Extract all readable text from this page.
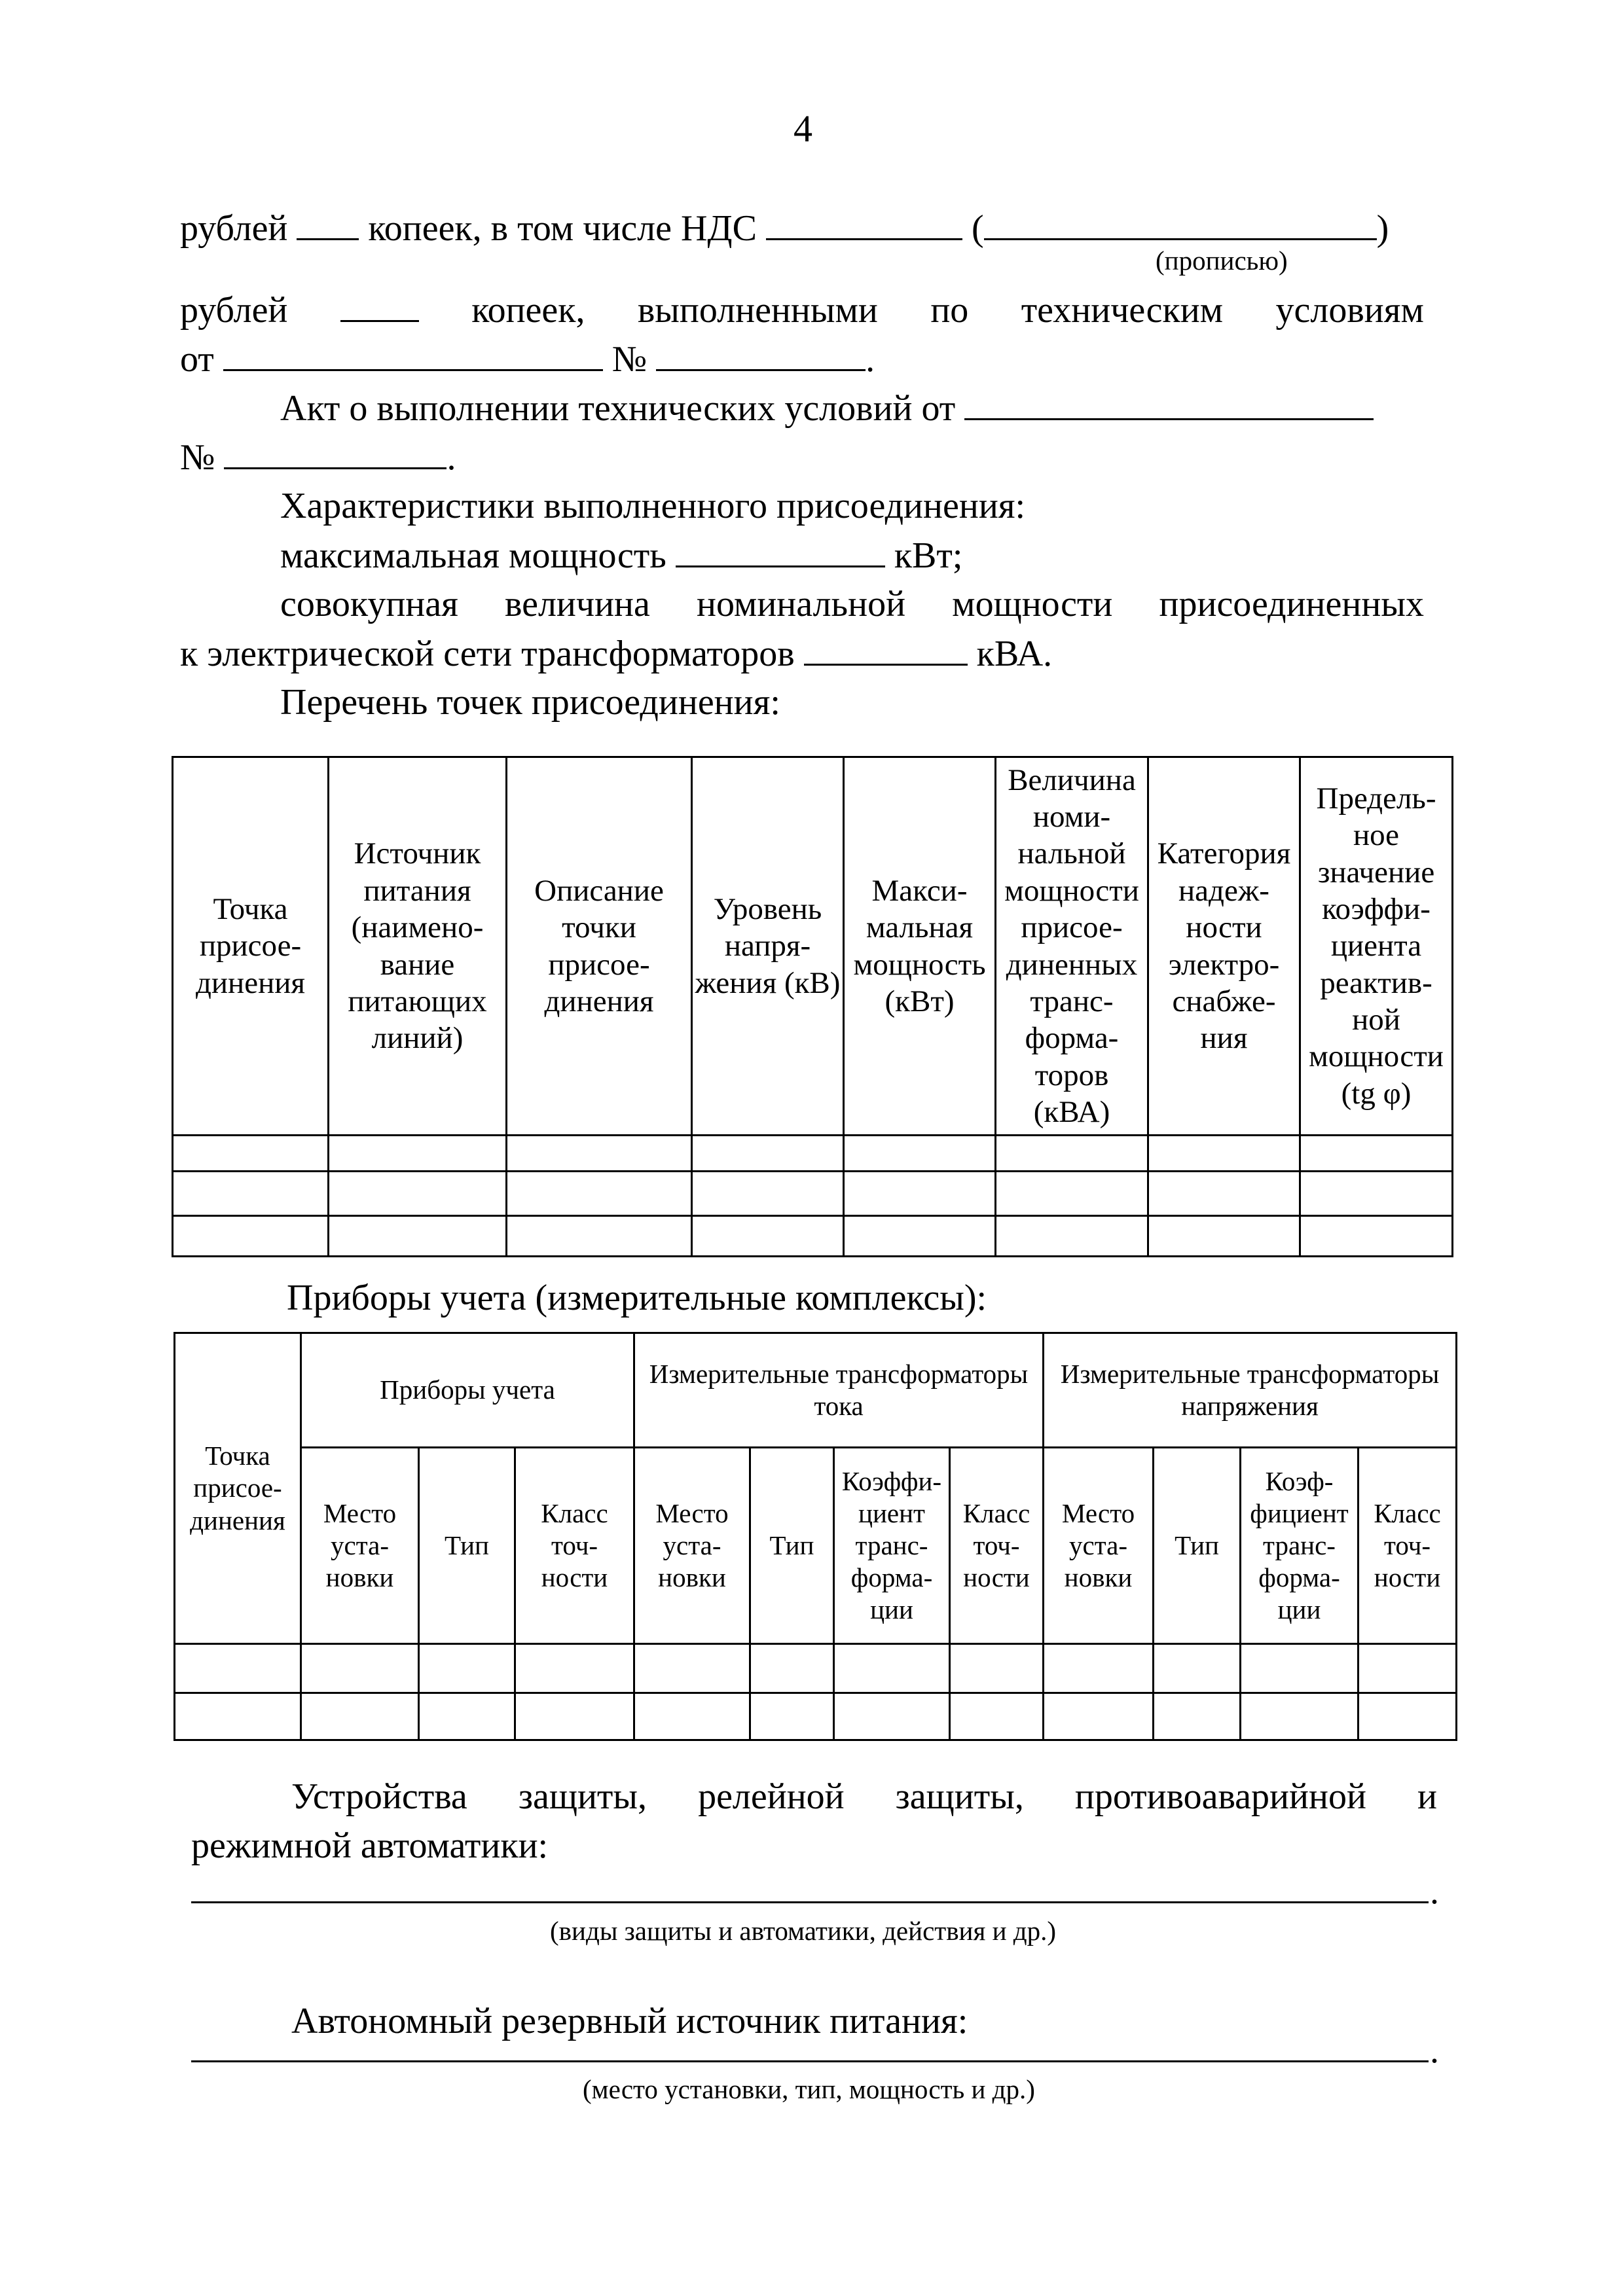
4
рублей копеек, в том числе НДС	(	)
(прописью)
рублей	копеек, выполненными по техническим условиям
от	№	.
Акт о выполнении технических условий от
№	.
Характеристики выполненного присоединения:
максимальная мощность	кВт;
совокупная величина номинальной мощности присоединенных
к электрической сети трансформаторов	кВА.
Перечень точек присоединения:
Точка присое- динения	Источник питания (наимено- вание питающих линий)	Описание точки присое- динения	Уровень напря- жения (кВ)	Макси- мальная мощность (кВт)	Величина номи- нальной мощности присое- диненных транс- форма- торов (кВА)	Категория надеж- ности электро- снабже- ния	Предель- ное значение коэффи- циента реактив- ной мощности (tg φ)

Приборы учета (измерительные комплексы):
Точка присое- динения	Приборы учета			Измерительные трансформаторы тока				Измерительные трансформаторы напряжения			
	Место уста- новки	Тип	Класс точ- ности	Место уста- новки	Тип	Коэффи- циент транс- форма- ции	Класс точ- ности	Место уста- новки	Тип	Коэф- фициент транс- форма- ции	Класс точ- ности

Устройства защиты, релейной защиты, противоаварийной и
режимной автоматики:
.
(виды защиты и автоматики, действия и др.)
Автономный резервный источник питания:
.
(место установки, тип, мощность и др.)
